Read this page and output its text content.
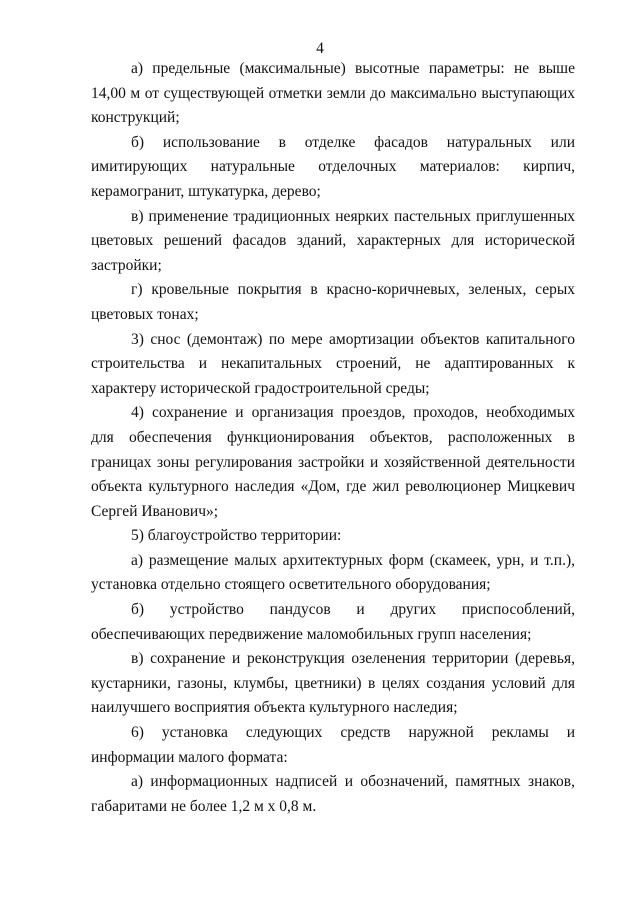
4

а) предельные (максимальные) высотные параметры: не выше 14,00 м от существующей отметки земли до максимально выступающих конструкций;

б) использование в отделке фасадов натуральных или имитирующих натуральные отделочных материалов: кирпич, керамогранит, штукатурка, дерево;

в) применение традиционных неярких пастельных приглушенных цветовых решений фасадов зданий, характерных для исторической застройки;

г) кровельные покрытия в красно-коричневых, зеленых, серых цветовых тонах;

3) снос (демонтаж) по мере амортизации объектов капитального строительства и некапитальных строений, не адаптированных к характеру исторической градостроительной среды;

4) сохранение и организация проездов, проходов, необходимых для обеспечения функционирования объектов, расположенных в границах зоны регулирования застройки и хозяйственной деятельности объекта культурного наследия «Дом, где жил революционер Мицкевич Сергей Иванович»;

5) благоустройство территории:

а) размещение малых архитектурных форм (скамеек, урн, и т.п.), установка отдельно стоящего осветительного оборудования;

б) устройство пандусов и других приспособлений, обеспечивающих передвижение маломобильных групп населения;

в) сохранение и реконструкция озеленения территории (деревья, кустарники, газоны, клумбы, цветники) в целях создания условий для наилучшего восприятия объекта культурного наследия;

6) установка следующих средств наружной рекламы и информации малого формата:

а) информационных надписей и обозначений, памятных знаков, габаритами не более 1,2 м х 0,8 м.
